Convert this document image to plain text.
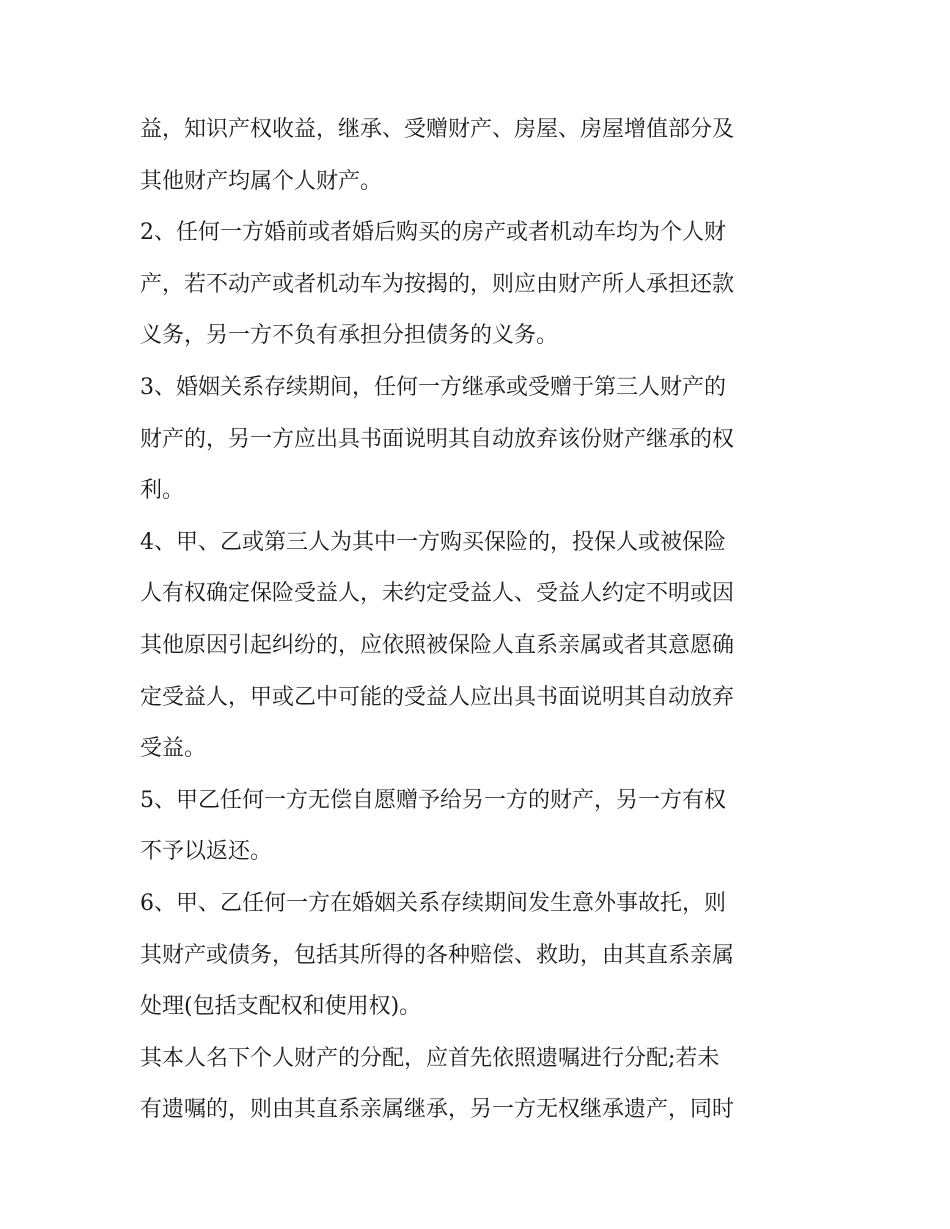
益，知识产权收益，继承、受赠财产、房屋、房屋增值部分及
其他财产均属个人财产。
2、任何一方婚前或者婚后购买的房产或者机动车均为个人财
产，若不动产或者机动车为按揭的，则应由财产所人承担还款
义务，另一方不负有承担分担债务的义务。
3、婚姻关系存续期间，任何一方继承或受赠于第三人财产的
财产的，另一方应出具书面说明其自动放弃该份财产继承的权
利。
4、甲、乙或第三人为其中一方购买保险的，投保人或被保险
人有权确定保险受益人，未约定受益人、受益人约定不明或因
其他原因引起纠纷的，应依照被保险人直系亲属或者其意愿确
定受益人，甲或乙中可能的受益人应出具书面说明其自动放弃
受益。
5、甲乙任何一方无偿自愿赠予给另一方的财产，另一方有权
不予以返还。
6、甲、乙任何一方在婚姻关系存续期间发生意外事故托，则
其财产或债务，包括其所得的各种赔偿、救助，由其直系亲属
处理(包括支配权和使用权)。
其本人名下个人财产的分配，应首先依照遗嘱进行分配;若未
有遗嘱的，则由其直系亲属继承，另一方无权继承遗产，同时
